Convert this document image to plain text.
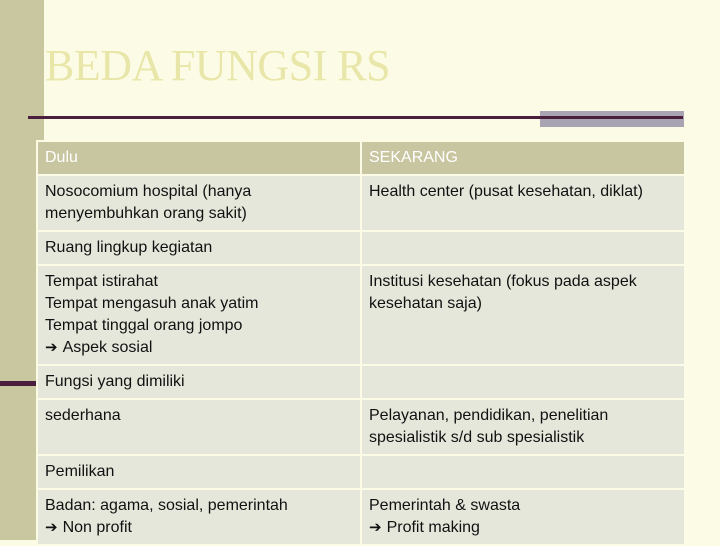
BEDA FUNGSI RS
Dulu	SEKARANG

Nosocomium hospital (hanya
menyembuhkan orang sakit)	Health center (pusat kesehatan, diklat)

Ruang lingkup kegiatan	

Tempat istirahat
Tempat mengasuh anak yatim
Tempat tinggal orang jompo
➔ Aspek sosial	Institusi kesehatan (fokus pada aspek
kesehatan saja)

Fungsi yang dimiliki	

sederhana	Pelayanan, pendidikan, penelitian
spesialistik s/d sub spesialistik

Pemilikan	

Badan: agama, sosial, pemerintah
➔ Non profit	Pemerintah & swasta
➔ Profit making
